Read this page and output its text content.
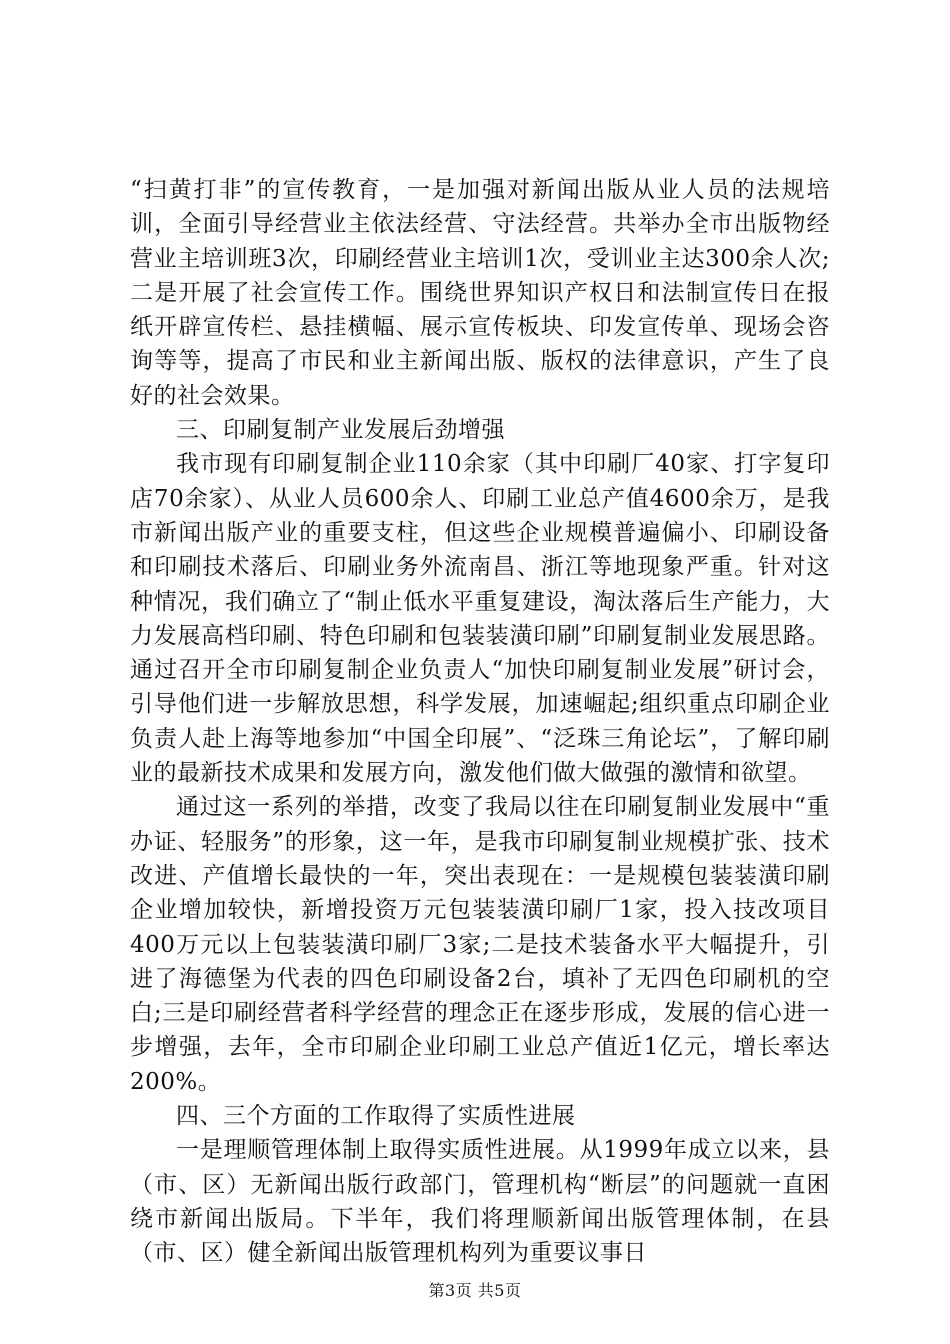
“扫黄打非”的宣传教育，一是加强对新闻出版从业人员的法规培训，全面引导经营业主依法经营、守法经营。共举办全市出版物经营业主培训班3次，印刷经营业主培训1次，受训业主达300余人次;二是开展了社会宣传工作。围绕世界知识产权日和法制宣传日在报纸开辟宣传栏、悬挂横幅、展示宣传板块、印发宣传单、现场会咨询等等，提高了市民和业主新闻出版、版权的法律意识，产生了良好的社会效果。

三、印刷复制产业发展后劲增强

我市现有印刷复制企业110余家（其中印刷厂40家、打字复印店70余家）、从业人员600余人、印刷工业总产值4600余万，是我市新闻出版产业的重要支柱，但这些企业规模普遍偏小、印刷设备和印刷技术落后、印刷业务外流南昌、浙江等地现象严重。针对这种情况，我们确立了“制止低水平重复建设，淘汰落后生产能力，大力发展高档印刷、特色印刷和包装装潢印刷”印刷复制业发展思路。通过召开全市印刷复制企业负责人“加快印刷复制业发展”研讨会，引导他们进一步解放思想，科学发展，加速崛起;组织重点印刷企业负责人赴上海等地参加“中国全印展”、“泛珠三角论坛”，了解印刷业的最新技术成果和发展方向，激发他们做大做强的激情和欲望。

通过这一系列的举措，改变了我局以往在印刷复制业发展中“重办证、轻服务”的形象，这一年，是我市印刷复制业规模扩张、技术改进、产值增长最快的一年，突出表现在：一是规模包装装潢印刷企业增加较快，新增投资万元包装装潢印刷厂1家，投入技改项目400万元以上包装装潢印刷厂3家;二是技术装备水平大幅提升，引进了海德堡为代表的四色印刷设备2台，填补了无四色印刷机的空白;三是印刷经营者科学经营的理念正在逐步形成，发展的信心进一步增强，去年，全市印刷企业印刷工业总产值近1亿元，增长率达200%。

四、三个方面的工作取得了实质性进展

一是理顺管理体制上取得实质性进展。从1999年成立以来，县（市、区）无新闻出版行政部门，管理机构“断层”的问题就一直困绕市新闻出版局。下半年，我们将理顺新闻出版管理体制，在县（市、区）健全新闻出版管理机构列为重要议事日

第3页 共5页
